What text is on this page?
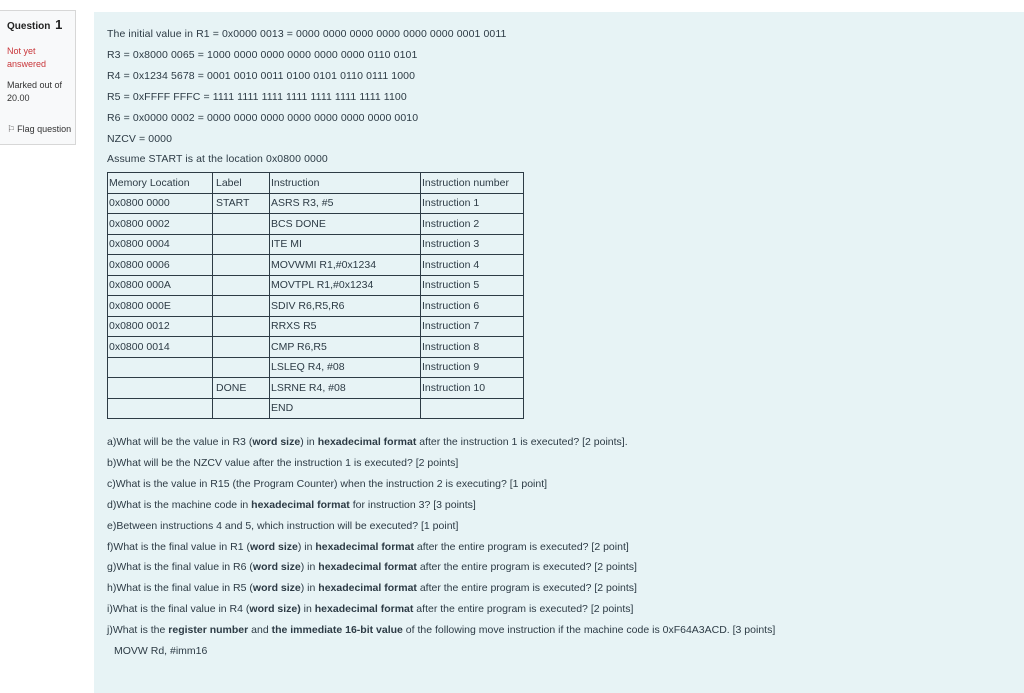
Question 1
Not yet answered
Marked out of 20.00
⚐ Flag question
The initial value in R1 = 0x0000 0013 = 0000 0000 0000 0000 0000 0000 0001 0011
R3 = 0x8000 0065 = 1000 0000 0000 0000 0000 0000 0110 0101
R4 = 0x1234 5678 = 0001 0010 0011 0100 0101 0110 0111 1000
R5 = 0xFFFF FFFC = 1111 1111 1111 1111 1111 1111 1111 1100
R6 = 0x0000 0002 = 0000 0000 0000 0000 0000 0000 0000 0010
NZCV = 0000
Assume START is at the location 0x0800 0000
Memory Location	Label	Instruction	Instruction number
0x0800 0000	START	ASRS R3, #5	Instruction 1
0x0800 0002		BCS DONE	Instruction 2
0x0800 0004		ITE MI	Instruction 3
0x0800 0006		MOVWMI R1,#0x1234	Instruction 4
0x0800 000A		MOVTPL R1,#0x1234	Instruction 5
0x0800 000E		SDIV R6,R5,R6	Instruction 6
0x0800 0012		RRXS R5	Instruction 7
0x0800 0014		CMP R6,R5	Instruction 8
		LSLEQ R4, #08	Instruction 9
	DONE	LSRNE R4, #08	Instruction 10
		END	
a)What will be the value in R3 (word size) in hexadecimal format after the instruction 1 is executed? [2 points].
b)What will be the NZCV value after the instruction 1 is executed? [2 points]
c)What is the value in R15 (the Program Counter) when the instruction 2 is executing? [1 point]
d)What is the machine code in hexadecimal format for instruction 3? [3 points]
e)Between instructions 4 and 5, which instruction will be executed? [1 point]
f)What is the final value in R1 (word size) in hexadecimal format after the entire program is executed? [2 point]
g)What is the final value in R6 (word size) in hexadecimal format after the entire program is executed? [2 points]
h)What is the final value in R5 (word size) in hexadecimal format after the entire program is executed? [2 points]
i)What is the final value in R4 (word size) in hexadecimal format after the entire program is executed? [2 points]
j)What is the register number and the immediate 16-bit value of the following move instruction if the machine code is 0xF64A3ACD. [3 points]
MOVW Rd, #imm16
